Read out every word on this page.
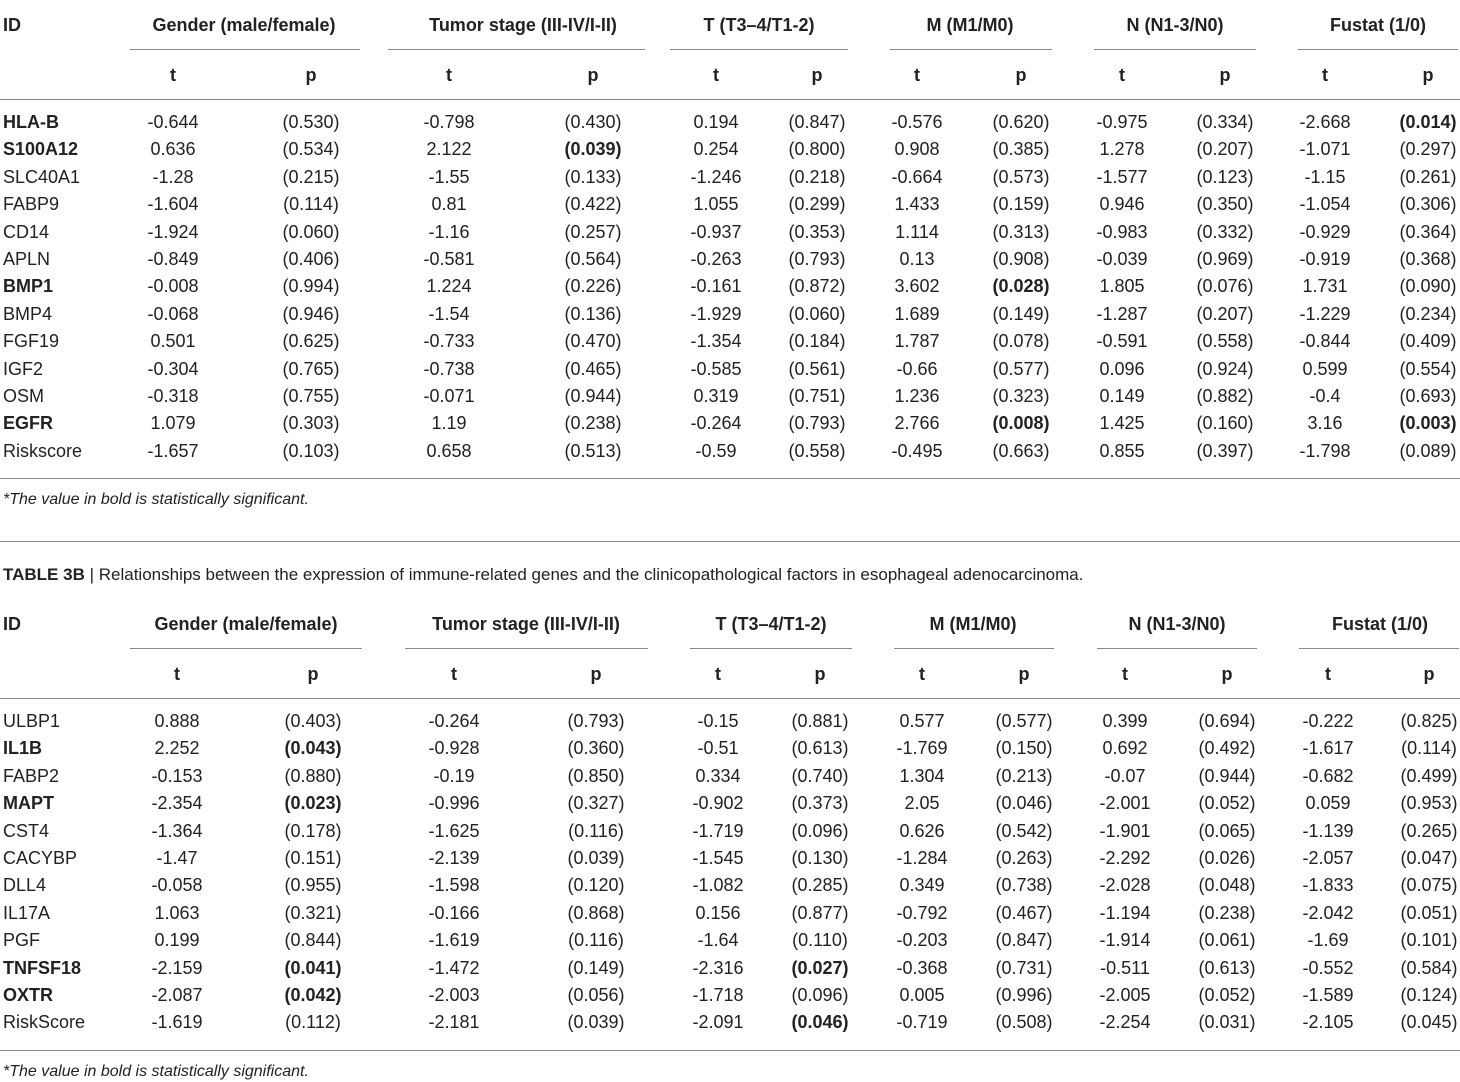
ID	Gender (male/female)	Tumor stage (III-IV/I-II)	T (T3–4/T1-2)	M (M1/M0)	N (N1-3/N0)	Fustat (1/0)
t	p	t	p	t	p	t	p	t	p	t	p
HLA-B	-0.644	(0.530)	-0.798	(0.430)	0.194	(0.847)	-0.576	(0.620)	-0.975	(0.334)	-2.668	(0.014)
S100A12	0.636	(0.534)	2.122	(0.039)	0.254	(0.800)	0.908	(0.385)	1.278	(0.207)	-1.071	(0.297)
SLC40A1	-1.28	(0.215)	-1.55	(0.133)	-1.246	(0.218)	-0.664	(0.573)	-1.577	(0.123)	-1.15	(0.261)
FABP9	-1.604	(0.114)	0.81	(0.422)	1.055	(0.299)	1.433	(0.159)	0.946	(0.350)	-1.054	(0.306)
CD14	-1.924	(0.060)	-1.16	(0.257)	-0.937	(0.353)	1.114	(0.313)	-0.983	(0.332)	-0.929	(0.364)
APLN	-0.849	(0.406)	-0.581	(0.564)	-0.263	(0.793)	0.13	(0.908)	-0.039	(0.969)	-0.919	(0.368)
BMP1	-0.008	(0.994)	1.224	(0.226)	-0.161	(0.872)	3.602	(0.028)	1.805	(0.076)	1.731	(0.090)
BMP4	-0.068	(0.946)	-1.54	(0.136)	-1.929	(0.060)	1.689	(0.149)	-1.287	(0.207)	-1.229	(0.234)
FGF19	0.501	(0.625)	-0.733	(0.470)	-1.354	(0.184)	1.787	(0.078)	-0.591	(0.558)	-0.844	(0.409)
IGF2	-0.304	(0.765)	-0.738	(0.465)	-0.585	(0.561)	-0.66	(0.577)	0.096	(0.924)	0.599	(0.554)
OSM	-0.318	(0.755)	-0.071	(0.944)	0.319	(0.751)	1.236	(0.323)	0.149	(0.882)	-0.4	(0.693)
EGFR	1.079	(0.303)	1.19	(0.238)	-0.264	(0.793)	2.766	(0.008)	1.425	(0.160)	3.16	(0.003)
Riskscore	-1.657	(0.103)	0.658	(0.513)	-0.59	(0.558)	-0.495	(0.663)	0.855	(0.397)	-1.798	(0.089)
*The value in bold is statistically significant.
TABLE 3B | Relationships between the expression of immune-related genes and the clinicopathological factors in esophageal adenocarcinoma.
ID	Gender (male/female)	Tumor stage (III-IV/I-II)	T (T3–4/T1-2)	M (M1/M0)	N (N1-3/N0)	Fustat (1/0)
t	p	t	p	t	p	t	p	t	p	t	p
ULBP1	0.888	(0.403)	-0.264	(0.793)	-0.15	(0.881)	0.577	(0.577)	0.399	(0.694)	-0.222	(0.825)
IL1B	2.252	(0.043)	-0.928	(0.360)	-0.51	(0.613)	-1.769	(0.150)	0.692	(0.492)	-1.617	(0.114)
FABP2	-0.153	(0.880)	-0.19	(0.850)	0.334	(0.740)	1.304	(0.213)	-0.07	(0.944)	-0.682	(0.499)
MAPT	-2.354	(0.023)	-0.996	(0.327)	-0.902	(0.373)	2.05	(0.046)	-2.001	(0.052)	0.059	(0.953)
CST4	-1.364	(0.178)	-1.625	(0.116)	-1.719	(0.096)	0.626	(0.542)	-1.901	(0.065)	-1.139	(0.265)
CACYBP	-1.47	(0.151)	-2.139	(0.039)	-1.545	(0.130)	-1.284	(0.263)	-2.292	(0.026)	-2.057	(0.047)
DLL4	-0.058	(0.955)	-1.598	(0.120)	-1.082	(0.285)	0.349	(0.738)	-2.028	(0.048)	-1.833	(0.075)
IL17A	1.063	(0.321)	-0.166	(0.868)	0.156	(0.877)	-0.792	(0.467)	-1.194	(0.238)	-2.042	(0.051)
PGF	0.199	(0.844)	-1.619	(0.116)	-1.64	(0.110)	-0.203	(0.847)	-1.914	(0.061)	-1.69	(0.101)
TNFSF18	-2.159	(0.041)	-1.472	(0.149)	-2.316	(0.027)	-0.368	(0.731)	-0.511	(0.613)	-0.552	(0.584)
OXTR	-2.087	(0.042)	-2.003	(0.056)	-1.718	(0.096)	0.005	(0.996)	-2.005	(0.052)	-1.589	(0.124)
RiskScore	-1.619	(0.112)	-2.181	(0.039)	-2.091	(0.046)	-0.719	(0.508)	-2.254	(0.031)	-2.105	(0.045)
*The value in bold is statistically significant.
